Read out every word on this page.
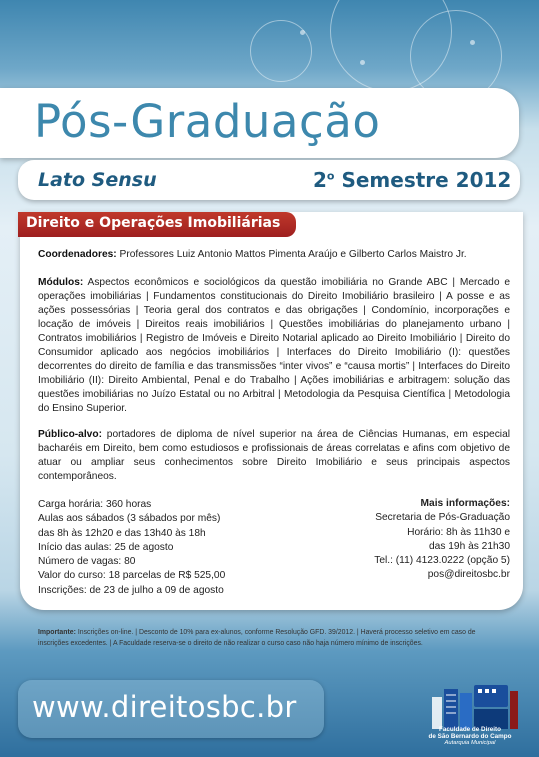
Pós-Graduação
Lato Sensu	2$^o$ Semestre 2012
Direito e Operações Imobiliárias
Coordenadores: Professores Luiz Antonio Mattos Pimenta Araújo e Gilberto Carlos Maistro Jr.
Módulos: Aspectos econômicos e sociológicos da questão imobiliária no Grande ABC | Mercado e operações imobiliárias | Fundamentos constitucionais do Direito Imobiliário brasileiro | A posse e as ações possessórias | Teoria geral dos contratos e das obrigações | Condomínio, incorporações e locação de imóveis | Direitos reais imobiliários | Questões imobiliárias do planejamento urbano | Contratos imobiliários | Registro de Imóveis e Direito Notarial aplicado ao Direito Imobiliário | Direito do Consumidor aplicado aos negócios imobiliários | Interfaces do Direito Imobiliário (I): questões decorrentes do direito de família e das transmissões “inter vivos” e “causa mortis” | Interfaces do Direito Imobiliário (II): Direito Ambiental, Penal e do Trabalho | Ações imobiliárias e arbitragem: solução das questões imobiliárias no Juízo Estatal ou no Arbitral | Metodologia da Pesquisa Científica | Metodologia do Ensino Superior.
Público-alvo: portadores de diploma de nível superior na área de Ciências Humanas, em especial bacharéis em Direito, bem como estudiosos e profissionais de áreas correlatas e afins com objetivo de atuar ou ampliar seus conhecimentos sobre Direito Imobiliário e seus principais aspectos contemporâneos.
Carga horária: 360 horas
Aulas aos sábados (3 sábados por mês)
das 8h às 12h20 e das 13h40 às 18h
Início das aulas: 25 de agosto
Número de vagas: 80
Valor do curso: 18 parcelas de R$ 525,00
Inscrições: de 23 de julho a 09 de agosto
Mais informações:
Secretaria de Pós-Graduação
Horário: 8h às 11h30 e
das 19h às 21h30
Tel.: (11) 4123.0222 (opção 5)
pos@direitosbc.br
Importante: Inscrições on-line. | Desconto de 10% para ex-alunos, conforme Resolução GFD. 39/2012. | Haverá processo seletivo em caso de inscrições excedentes. | A Faculdade reserva-se o direito de não realizar o curso caso não haja número mínimo de inscrições.
www.direitosbc.br
Faculdade de Direito
de São Bernardo do Campo
Autarquia Municipal
